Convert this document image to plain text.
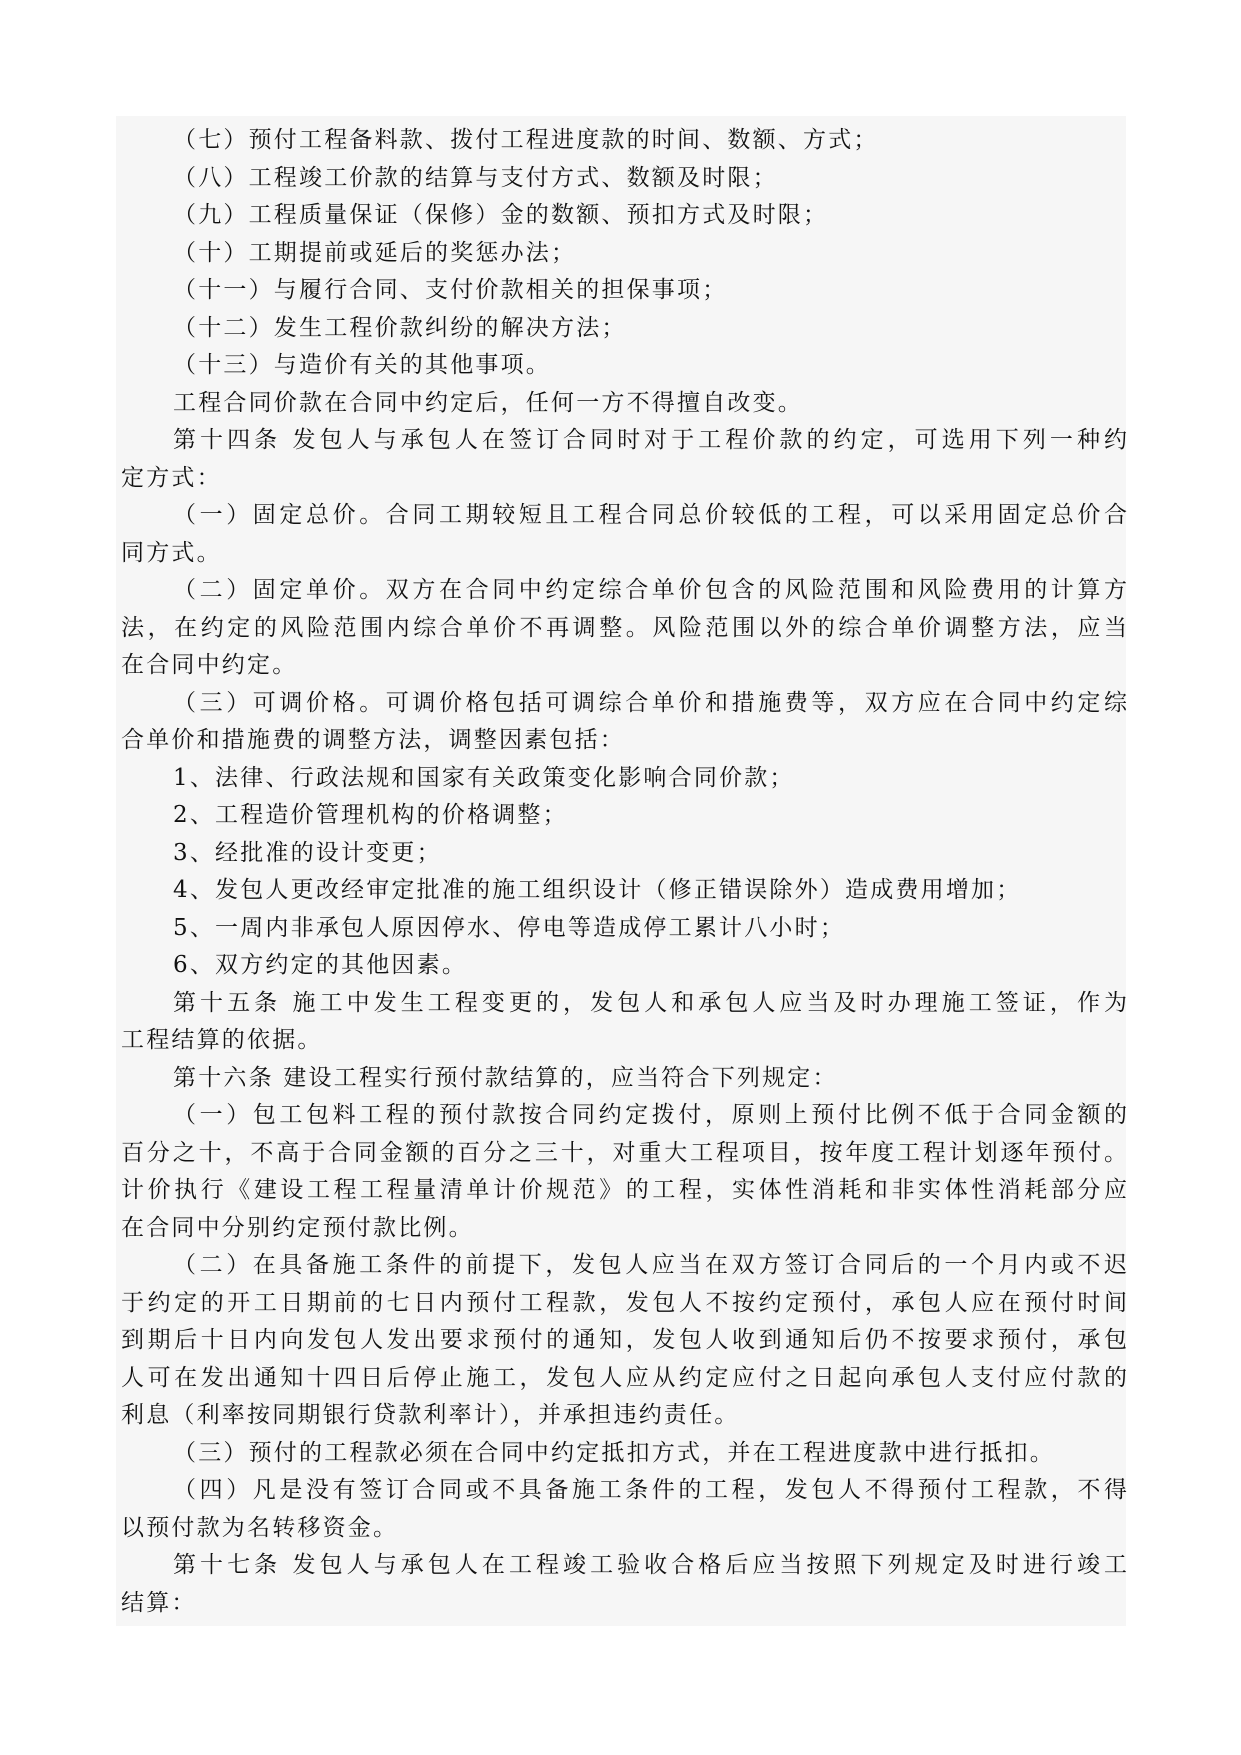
（七）预付工程备料款、拨付工程进度款的时间、数额、方式；
（八）工程竣工价款的结算与支付方式、数额及时限；
（九）工程质量保证（保修）金的数额、预扣方式及时限；
（十）工期提前或延后的奖惩办法；
（十一）与履行合同、支付价款相关的担保事项；
（十二）发生工程价款纠纷的解决方法；
（十三）与造价有关的其他事项。
工程合同价款在合同中约定后，任何一方不得擅自改变。
第十四条 发包人与承包人在签订合同时对于工程价款的约定，可选用下列一种约
定方式：
（一）固定总价。合同工期较短且工程合同总价较低的工程，可以采用固定总价合
同方式。
（二）固定单价。双方在合同中约定综合单价包含的风险范围和风险费用的计算方
法，在约定的风险范围内综合单价不再调整。风险范围以外的综合单价调整方法，应当
在合同中约定。
（三）可调价格。可调价格包括可调综合单价和措施费等，双方应在合同中约定综
合单价和措施费的调整方法，调整因素包括：
1、法律、行政法规和国家有关政策变化影响合同价款；
2、工程造价管理机构的价格调整；
3、经批准的设计变更；
4、发包人更改经审定批准的施工组织设计（修正错误除外）造成费用增加；
5、一周内非承包人原因停水、停电等造成停工累计八小时；
6、双方约定的其他因素。
第十五条 施工中发生工程变更的，发包人和承包人应当及时办理施工签证，作为
工程结算的依据。
第十六条 建设工程实行预付款结算的，应当符合下列规定：
（一）包工包料工程的预付款按合同约定拨付，原则上预付比例不低于合同金额的
百分之十，不高于合同金额的百分之三十，对重大工程项目，按年度工程计划逐年预付。
计价执行《建设工程工程量清单计价规范》的工程，实体性消耗和非实体性消耗部分应
在合同中分别约定预付款比例。
（二）在具备施工条件的前提下，发包人应当在双方签订合同后的一个月内或不迟
于约定的开工日期前的七日内预付工程款，发包人不按约定预付，承包人应在预付时间
到期后十日内向发包人发出要求预付的通知，发包人收到通知后仍不按要求预付，承包
人可在发出通知十四日后停止施工，发包人应从约定应付之日起向承包人支付应付款的
利息（利率按同期银行贷款利率计），并承担违约责任。
（三）预付的工程款必须在合同中约定抵扣方式，并在工程进度款中进行抵扣。
（四）凡是没有签订合同或不具备施工条件的工程，发包人不得预付工程款，不得
以预付款为名转移资金。
第十七条 发包人与承包人在工程竣工验收合格后应当按照下列规定及时进行竣工
结算：
